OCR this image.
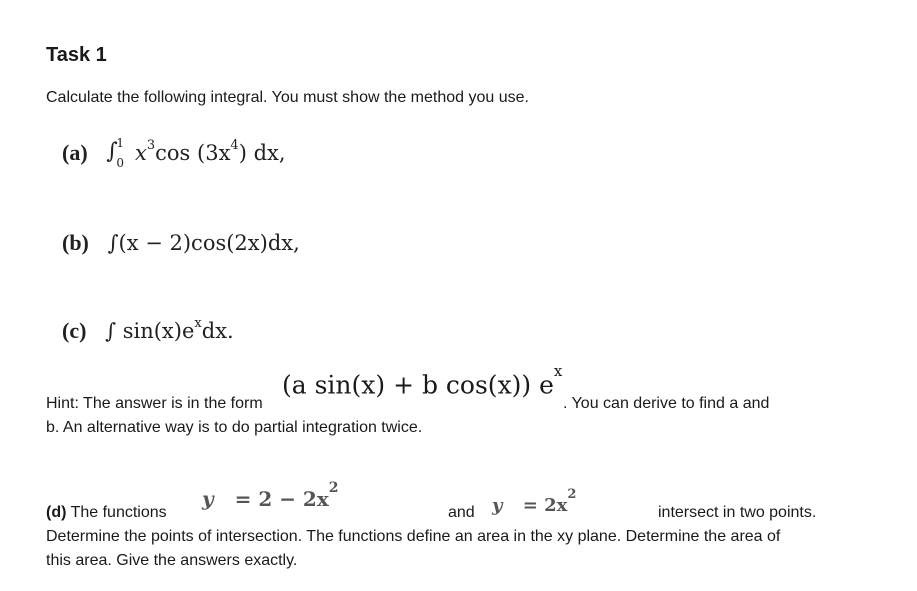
Task 1
Calculate the following integral. You must show the method you use.
(a) ∫
1
0 $x^3\cos$ $(3x^4)$ dx,
(b) ∫(x − 2)cos(2x)dx,
(c) ∫ $\sin(x)e^xdx$.
Hint: The answer is in the form
(a sin(x) + b cos(x)) $e^x$
. You can derive to find a and
b. An alternative way is to do partial integration twice.
(d) The functions
$y = 2 - 2x^2$
and $y = 2x^2$
intersect in two points.
Determine the points of intersection. The functions define an area in the xy plane. Determine the area of
this area. Give the answers exactly.
